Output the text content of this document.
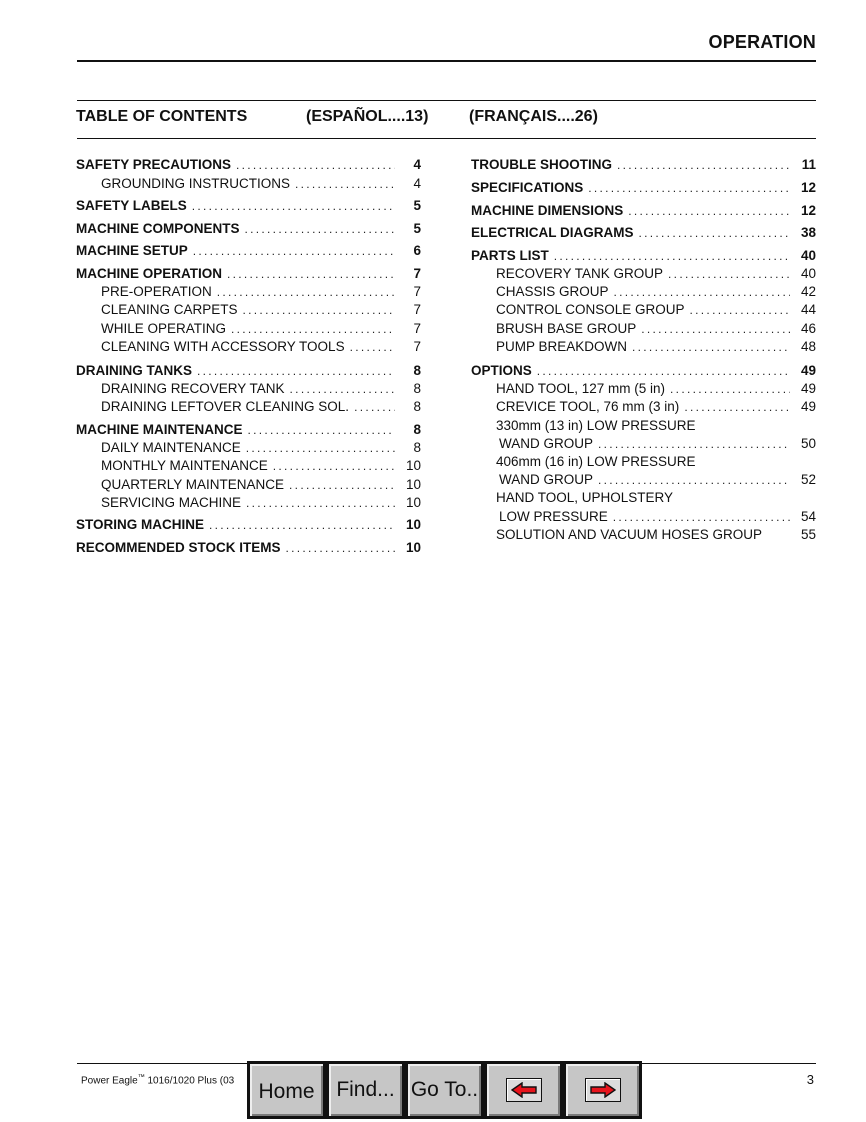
OPERATION
TABLE OF CONTENTS	(ESPAÑOL....13)	(FRANÇAIS....26)
SAFETY PRECAUTIONS .....	4
GROUNDING INSTRUCTIONS .....	4
SAFETY LABELS .....	5
MACHINE COMPONENTS .....	5
MACHINE SETUP .....	6
MACHINE OPERATION .....	7
PRE-OPERATION .....	7
CLEANING CARPETS .....	7
WHILE OPERATING .....	7
CLEANING WITH ACCESSORY TOOLS .....	7
DRAINING TANKS .....	8
DRAINING RECOVERY TANK .....	8
DRAINING LEFTOVER CLEANING SOL. .....	8
MACHINE MAINTENANCE .....	8
DAILY MAINTENANCE .....	8
MONTHLY MAINTENANCE .....	10
QUARTERLY MAINTENANCE .....	10
SERVICING MACHINE .....	10
STORING MACHINE .....	10
RECOMMENDED STOCK ITEMS .....	10
TROUBLE SHOOTING .....	11
SPECIFICATIONS .....	12
MACHINE DIMENSIONS .....	12
ELECTRICAL DIAGRAMS .....	38
PARTS LIST .....	40
RECOVERY TANK GROUP .....	40
CHASSIS GROUP .....	42
CONTROL CONSOLE GROUP .....	44
BRUSH BASE GROUP .....	46
PUMP BREAKDOWN .....	48
OPTIONS .....	49
HAND TOOL, 127 mm (5 in) .....	49
CREVICE TOOL, 76 mm (3 in) .....	49
330mm (13 in) LOW PRESSURE
WAND GROUP .....	50
406mm (16 in) LOW PRESSURE
WAND GROUP .....	52
HAND TOOL, UPHOLSTERY
LOW PRESSURE .....	54
SOLUTION AND VACUUM HOSES GROUP	55
Power Eagle™ 1016/1020 Plus (03	3
Home	Find... Go To..
